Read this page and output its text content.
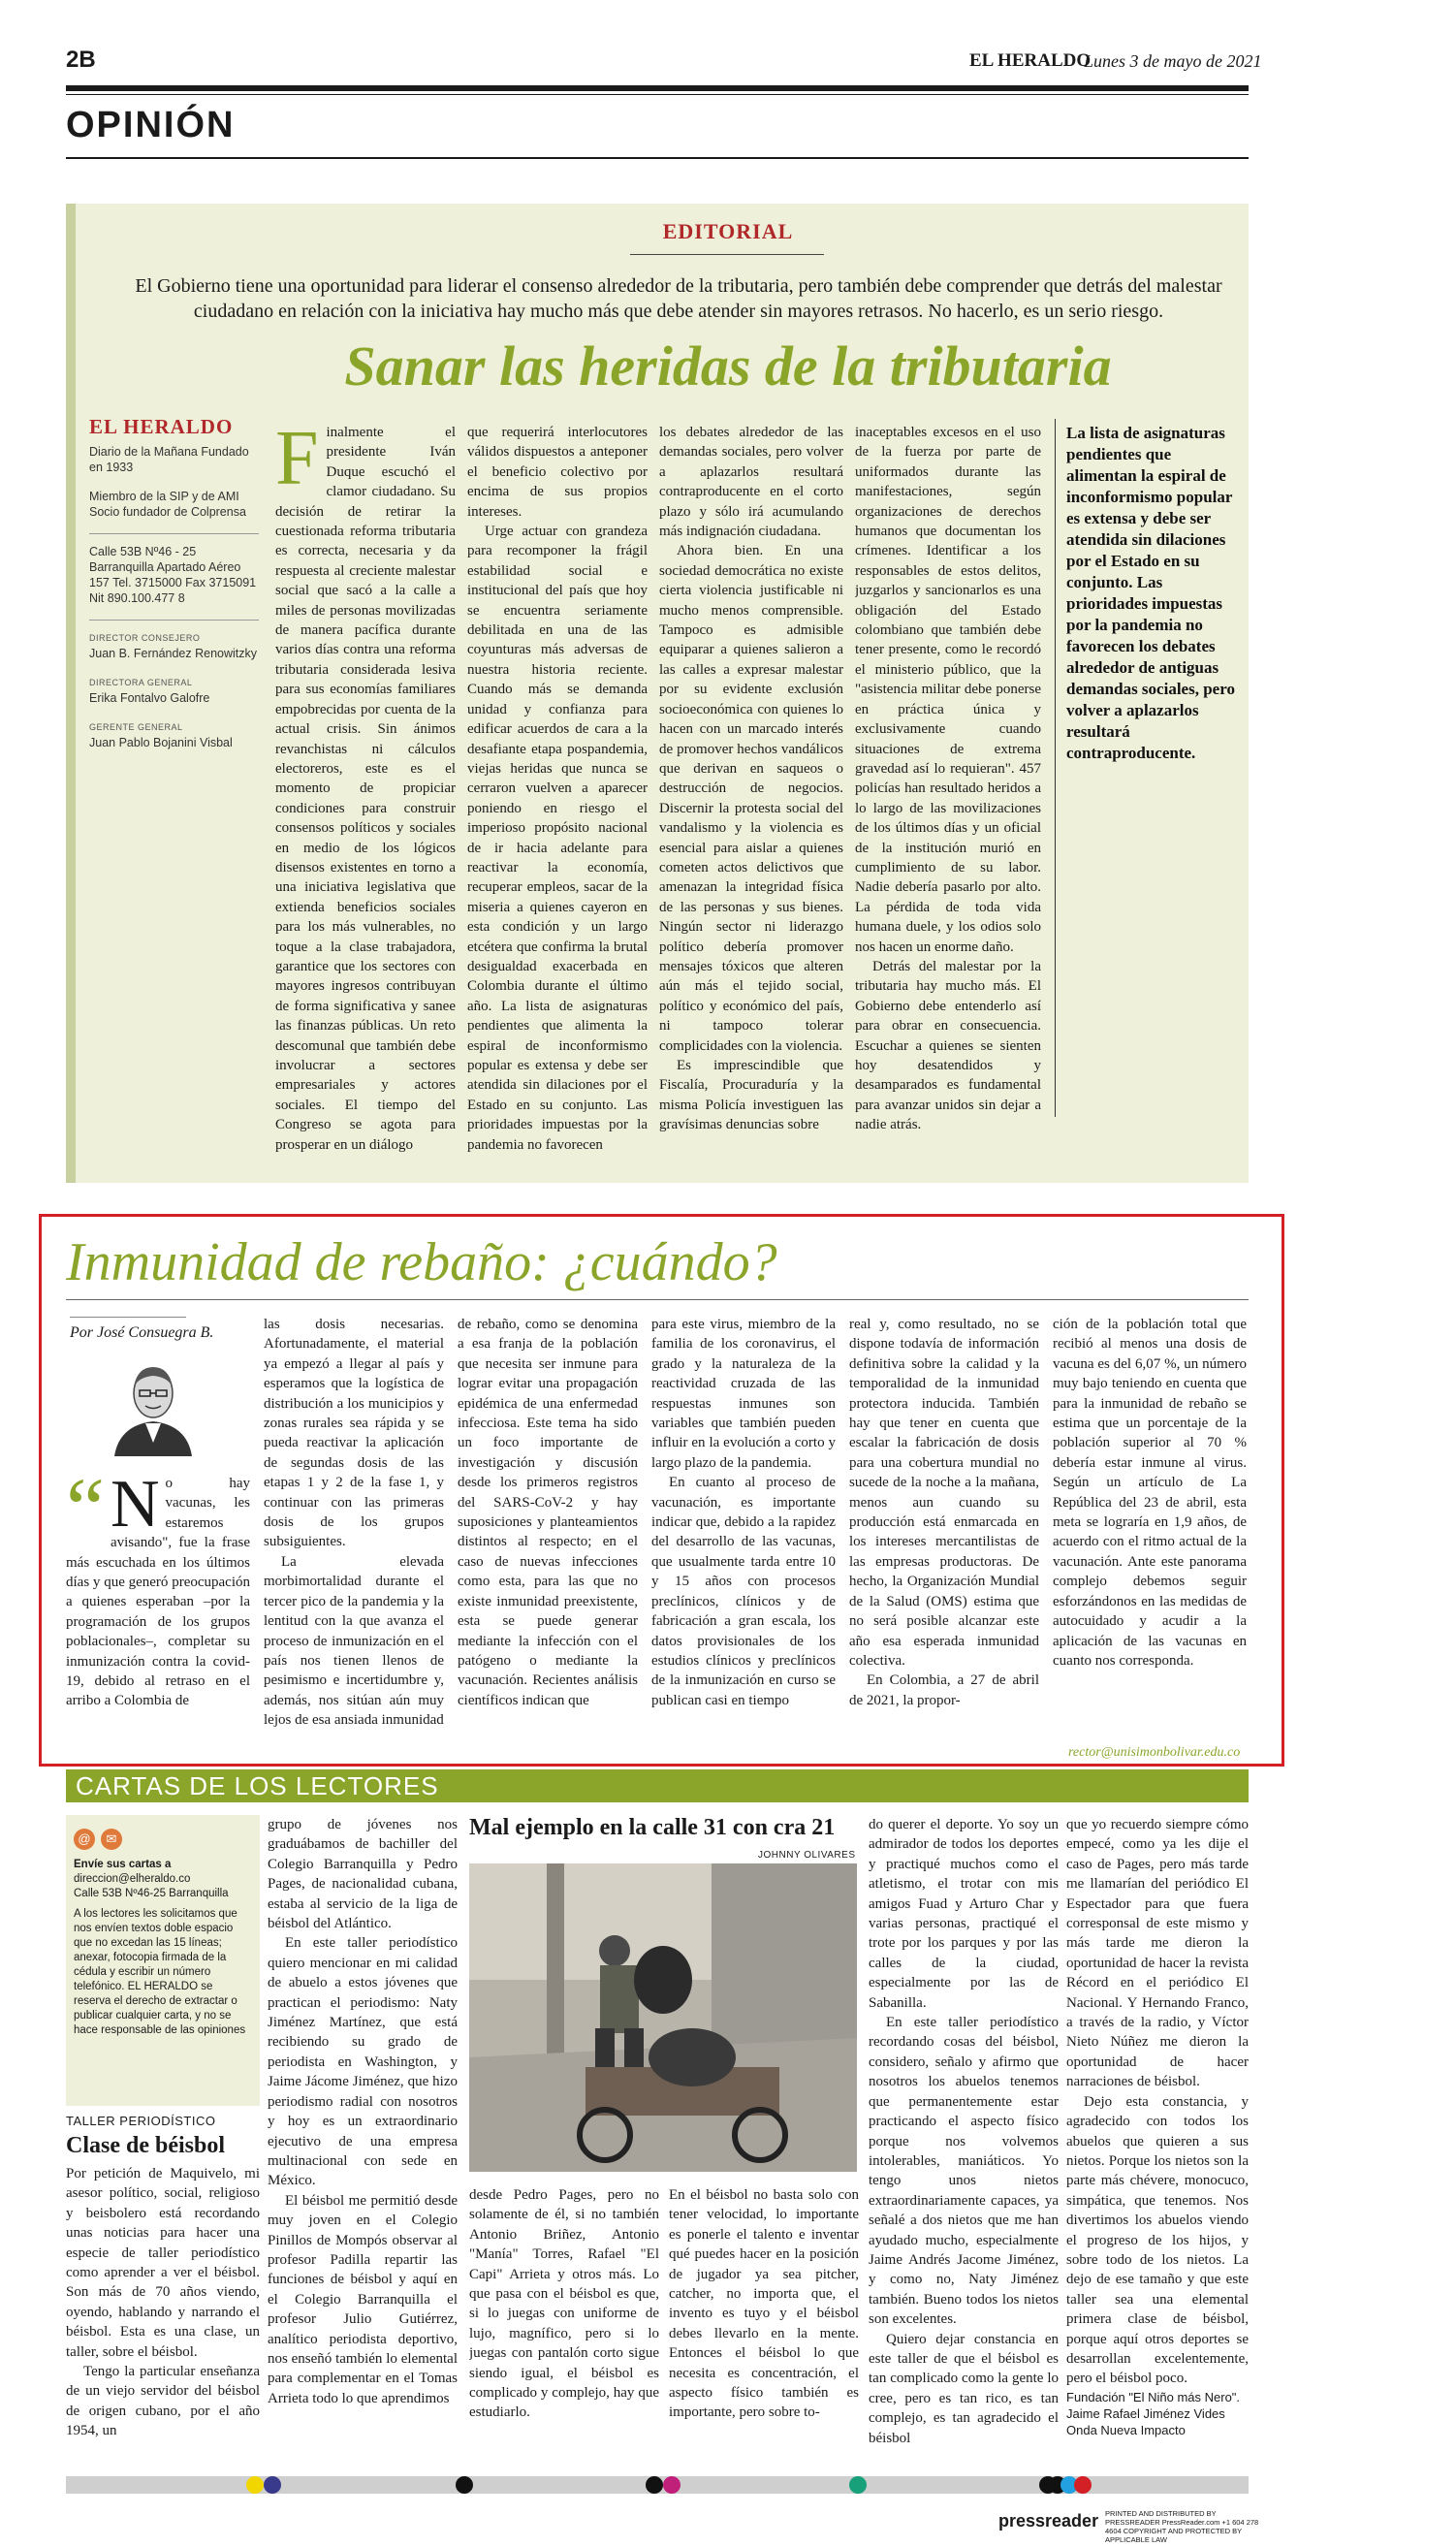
2B	EL HERALDO
Lunes 3 de mayo de 2021
OPINIÓN
EDITORIAL
El Gobierno tiene una oportunidad para liderar el consenso alrededor de la tributaria, pero también debe comprender que detrás del malestar ciudadano en relación con la iniciativa hay mucho más que debe atender sin mayores retrasos. No hacerlo, es un serio riesgo.
Sanar las heridas de la tributaria
EL HERALDO
Diario de la Mañana Fundado en 1933
Miembro de la SIP y de AMI Socio fundador de Colprensa
Calle 53B Nº46 - 25 Barranquilla Apartado Aéreo 157 Tel. 3715000 Fax 3715091 Nit 890.100.477 8
DIRECTOR CONSEJERO
Juan B. Fernández Renowitzky
DIRECTORA GENERAL
Erika Fontalvo Galofre
GERENTE GENERAL
Juan Pablo Bojanini Visbal

Finalmente el presidente Iván Duque escuchó el clamor ciudadano. Su decisión de retirar la cuestionada reforma tributaria es correcta, necesaria y da respuesta al creciente malestar social que sacó a la calle a miles de personas movilizadas de manera pacífica durante varios días contra una reforma tributaria considerada lesiva para sus economías familiares empobrecidas por cuenta de la actual crisis. Sin ánimos revanchistas ni cálculos electoreros, este es el momento de propiciar condiciones para construir consensos políticos y sociales en medio de los lógicos disensos existentes en torno a una iniciativa legislativa que extienda beneficios sociales para los más vulnerables, no toque a la clase trabajadora, garantice que los sectores con mayores ingresos contribuyan de forma significativa y sanee las finanzas públicas. Un reto descomunal que también debe involucrar a sectores empresariales y actores sociales. El tiempo del Congreso se agota para prosperar en un diálogo

que requerirá interlocutores válidos dispuestos a anteponer el beneficio colectivo por encima de sus propios intereses.

Urge actuar con grandeza para recomponer la frágil estabilidad social e institucional del país que hoy se encuentra seriamente debilitada en una de las coyunturas más adversas de nuestra historia reciente. Cuando más se demanda unidad y confianza para edificar acuerdos de cara a la desafiante etapa pospandemia, viejas heridas que nunca se cerraron vuelven a aparecer poniendo en riesgo el imperioso propósito nacional de ir hacia adelante para reactivar la economía, recuperar empleos, sacar de la miseria a quienes cayeron en esta condición y un largo etcétera que confirma la brutal desigualdad exacerbada en Colombia durante el último año. La lista de asignaturas pendientes que alimenta la espiral de inconformismo popular es extensa y debe ser atendida sin dilaciones por el Estado en su conjunto. Las prioridades impuestas por la pandemia no favorecen

los debates alrededor de las demandas sociales, pero volver a aplazarlos resultará contraproducente en el corto plazo y sólo irá acumulando más indignación ciudadana.

Ahora bien. En una sociedad democrática no existe cierta violencia justificable ni mucho menos comprensible. Tampoco es admisible equiparar a quienes salieron a las calles a expresar malestar por su evidente exclusión socioeconómica con quienes lo hacen con un marcado interés de promover hechos vandálicos que derivan en saqueos o destrucción de negocios. Discernir la protesta social del vandalismo y la violencia es esencial para aislar a quienes cometen actos delictivos que amenazan la integridad física de las personas y sus bienes. Ningún sector ni liderazgo político debería promover mensajes tóxicos que alteren aún más el tejido social, político y económico del país, ni tampoco tolerar complicidades con la violencia.

Es imprescindible que Fiscalía, Procuraduría y la misma Policía investiguen las gravísimas denuncias sobre

inaceptables excesos en el uso de la fuerza por parte de uniformados durante las manifestaciones, según organizaciones de derechos humanos que documentan los crímenes. Identificar a los responsables de estos delitos, juzgarlos y sancionarlos es una obligación del Estado colombiano que también debe tener presente, como le recordó el ministerio público, que la "asistencia militar debe ponerse en práctica única y exclusivamente cuando situaciones de extrema gravedad así lo requieran". 457 policías han resultado heridos a lo largo de las movilizaciones de los últimos días y un oficial de la institución murió en cumplimiento de su labor. Nadie debería pasarlo por alto. La pérdida de toda vida humana duele, y los odios solo nos hacen un enorme daño.

Detrás del malestar por la tributaria hay mucho más. El Gobierno debe entenderlo así para obrar en consecuencia. Escuchar a quienes se sienten hoy desatendidos y desamparados es fundamental para avanzar unidos sin dejar a nadie atrás.

La lista de asignaturas pendientes que alimentan la espiral de inconformismo popular es extensa y debe ser atendida sin dilaciones por el Estado en su conjunto. Las prioridades impuestas por la pandemia no favorecen los debates alrededor de antiguas demandas sociales, pero volver a aplazarlos resultará contraproducente.
Inmunidad de rebaño: ¿cuándo?
Por José Consuegra B.

“ N o hay vacunas, les estaremos avisando", fue la frase más escuchada en los últimos días y que generó preocupación a quienes esperaban –por la programación de los grupos poblacionales–, completar su inmunización contra la covid-19, debido al retraso en el arribo a Colombia de

las dosis necesarias. Afortunadamente, el material ya empezó a llegar al país y esperamos que la logística de distribución a los municipios y zonas rurales sea rápida y se pueda reactivar la aplicación de segundas dosis de las etapas 1 y 2 de la fase 1, y continuar con las primeras dosis de los grupos subsiguientes.

La elevada morbimortalidad durante el tercer pico de la pandemia y la lentitud con la que avanza el proceso de inmunización en el país nos tienen llenos de pesimismo e incertidumbre y, además, nos sitúan aún muy lejos de esa ansiada inmunidad

de rebaño, como se denomina a esa franja de la población que necesita ser inmune para lograr evitar una propagación epidémica de una enfermedad infecciosa. Este tema ha sido un foco importante de investigación y discusión desde los primeros registros del SARS-CoV-2 y hay suposiciones y planteamientos distintos al respecto; en el caso de nuevas infecciones como esta, para las que no existe inmunidad preexistente, esta se puede generar mediante la infección con el patógeno o mediante la vacunación. Recientes análisis científicos indican que

para este virus, miembro de la familia de los coronavirus, el grado y la naturaleza de la reactividad cruzada de las respuestas inmunes son variables que también pueden influir en la evolución a corto y largo plazo de la pandemia.

En cuanto al proceso de vacunación, es importante indicar que, debido a la rapidez del desarrollo de las vacunas, que usualmente tarda entre 10 y 15 años con procesos preclínicos, clínicos y de fabricación a gran escala, los datos provisionales de los estudios clínicos y preclínicos de la inmunización en curso se publican casi en tiempo

real y, como resultado, no se dispone todavía de información definitiva sobre la calidad y la temporalidad de la inmunidad protectora inducida. También hay que tener en cuenta que escalar la fabricación de dosis para una cobertura mundial no sucede de la noche a la mañana, menos aun cuando su producción está enmarcada en los intereses mercantilistas de las empresas productoras. De hecho, la Organización Mundial de la Salud (OMS) estima que no será posible alcanzar este año esa esperada inmunidad colectiva.

En Colombia, a 27 de abril de 2021, la propor-

ción de la población total que recibió al menos una dosis de vacuna es del 6,07 %, un número muy bajo teniendo en cuenta que para la inmunidad de rebaño se estima que un porcentaje de la población superior al 70 % debería estar inmune al virus. Según un artículo de La República del 23 de abril, esta meta se lograría en 1,9 años, de acuerdo con el ritmo actual de la vacunación. Ante este panorama complejo debemos seguir esforzándonos en las medidas de autocuidado y acudir a la aplicación de las vacunas en cuanto nos corresponda.

rector@unisimonbolivar.edu.co
CARTAS DE LOS LECTORES
@ ✉
Envíe sus cartas a
direccion@elheraldo.co
Calle 53B Nº46-25 Barranquilla
A los lectores les solicitamos que nos envíen textos doble espacio que no excedan las 15 líneas; anexar, fotocopia firmada de la cédula y escribir un número telefónico. EL HERALDO se reserva el derecho de extractar o publicar cualquier carta, y no se hace responsable de las opiniones
TALLER PERIODÍSTICO
Clase de béisbol

Por petición de Maquivelo, mi asesor político, social, religioso y beisbolero está recordando unas noticias para hacer una especie de taller periodístico como aprender a ver el béisbol. Son más de 70 años viendo, oyendo, hablando y narrando el béisbol. Esta es una clase, un taller, sobre el béisbol.

Tengo la particular enseñanza de un viejo servidor del béisbol de origen cubano, por el año 1954, un

grupo de jóvenes nos graduábamos de bachiller del Colegio Barranquilla y Pedro Pages, de nacionalidad cubana, estaba al servicio de la liga de béisbol del Atlántico.

En este taller periodístico quiero mencionar en mi calidad de abuelo a estos jóvenes que practican el periodismo: Naty Jiménez Martínez, que está recibiendo su grado de periodista en Washington, y Jaime Jácome Jiménez, que hizo periodismo radial con nosotros y hoy es un extraordinario ejecutivo de una empresa multinacional con sede en México.

El béisbol me permitió desde muy joven en el Colegio Pinillos de Mompós observar al profesor Padilla repartir las funciones de béisbol y aquí en el Colegio Barranquilla el profesor Julio Gutiérrez, analítico periodista deportivo, nos enseñó también lo elemental para complementar en el Tomas Arrieta todo lo que aprendimos

Mal ejemplo en la calle 31 con cra 21
JOHNNY OLIVARES

desde Pedro Pages, pero no solamente de él, si no también Antonio Briñez, Antonio "Manía" Torres, Rafael "El Capi" Arrieta y otros más. Lo que pasa con el béisbol es que, si lo juegas con uniforme de lujo, magnífico, pero si lo juegas con pantalón corto sigue siendo igual, el béisbol es complicado y complejo, hay que estudiarlo.

En el béisbol no basta solo con tener velocidad, lo importante es ponerle el talento e inventar qué puedes hacer en la posición de jugador ya sea pitcher, catcher, no importa que, el invento es tuyo y el béisbol debes llevarlo en la mente. Entonces el béisbol lo que necesita es concentración, el aspecto físico también es importante, pero sobre to-

do querer el deporte. Yo soy un admirador de todos los deportes y practiqué muchos como el atletismo, el trotar con mis amigos Fuad y Arturo Char y varias personas, practiqué el trote por los parques y por las calles de la ciudad, especialmente por las de Sabanilla.

En este taller periodístico recordando cosas del béisbol, considero, señalo y afirmo que nosotros los abuelos tenemos que permanentemente estar practicando el aspecto físico porque nos volvemos intolerables, maniáticos. Yo tengo unos nietos extraordinariamente capaces, ya señalé a dos nietos que me han ayudado mucho, especialmente Jaime Andrés Jacome Jiménez, y como no, Naty Jiménez también. Bueno todos los nietos son excelentes.

Quiero dejar constancia en este taller de que el béisbol es tan complicado como la gente lo cree, pero es tan rico, es tan complejo, es tan agradecido el béisbol

que yo recuerdo siempre cómo empecé, como ya les dije el caso de Pages, pero más tarde me llamarían del periódico El Espectador para que fuera corresponsal de este mismo y más tarde me dieron la oportunidad de hacer la revista Récord en el periódico El Nacional. Y Hernando Franco, a través de la radio, y Víctor Nieto Núñez me dieron la oportunidad de hacer narraciones de béisbol.

Dejo esta constancia, y agradecido con todos los abuelos que quieren a sus nietos. Porque los nietos son la parte más chévere, monocuco, simpática, que tenemos. Nos divertimos los abuelos viendo el progreso de los hijos, y sobre todo de los nietos. La dejo de ese tamaño y que este taller sea una elemental primera clase de béisbol, porque aquí otros deportes se desarrollan excelentemente, pero el béisbol poco.

Fundación "El Niño más Nero".

Jaime Rafael Jiménez Vides

Onda Nueva Impacto

pressreader PRINTED AND DISTRIBUTED BY PRESSREADER PressReader.com +1 604 278 4604 COPYRIGHT AND PROTECTED BY APPLICABLE LAW
